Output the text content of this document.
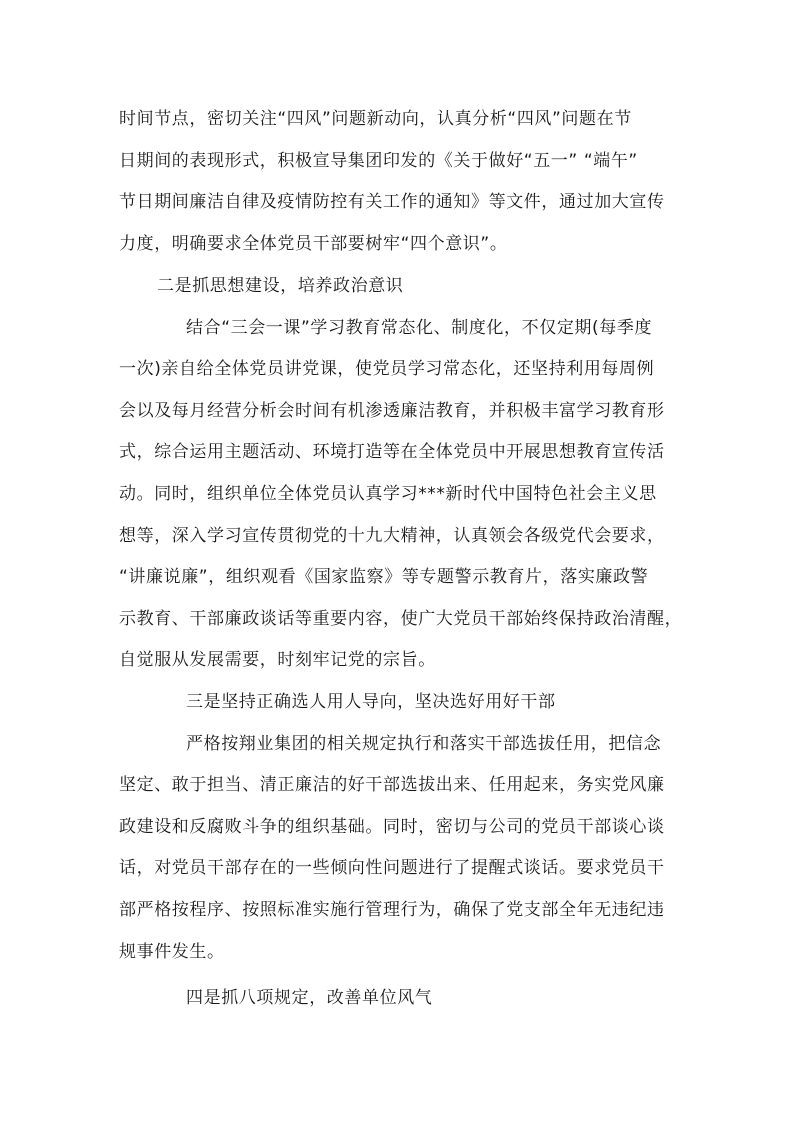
时间节点，密切关注“四风”问题新动向，认真分析“四风”问题在节
日期间的表现形式，积极宣导集团印发的《关于做好“五一” “端午”
节日期间廉洁自律及疫情防控有关工作的通知》等文件，通过加大宣传
力度，明确要求全体党员干部要树牢“四个意识”。
二是抓思想建设，培养政治意识
结合“三会一课”学习教育常态化、制度化，不仅定期(每季度
一次)亲自给全体党员讲党课，使党员学习常态化，还坚持利用每周例
会以及每月经营分析会时间有机渗透廉洁教育，并积极丰富学习教育形
式，综合运用主题活动、环境打造等在全体党员中开展思想教育宣传活
动。同时，组织单位全体党员认真学习***新时代中国特色社会主义思
想等，深入学习宣传贯彻党的十九大精神，认真领会各级党代会要求，
“讲廉说廉”，组织观看《国家监察》等专题警示教育片，落实廉政警
示教育、干部廉政谈话等重要内容，使广大党员干部始终保持政治清醒，
自觉服从发展需要，时刻牢记党的宗旨。
三是坚持正确选人用人导向，坚决选好用好干部
严格按翔业集团的相关规定执行和落实干部选拔任用，把信念
坚定、敢于担当、清正廉洁的好干部选拔出来、任用起来，务实党风廉
政建设和反腐败斗争的组织基础。同时，密切与公司的党员干部谈心谈
话，对党员干部存在的一些倾向性问题进行了提醒式谈话。要求党员干
部严格按程序、按照标准实施行管理行为，确保了党支部全年无违纪违
规事件发生。
四是抓八项规定，改善单位风气
